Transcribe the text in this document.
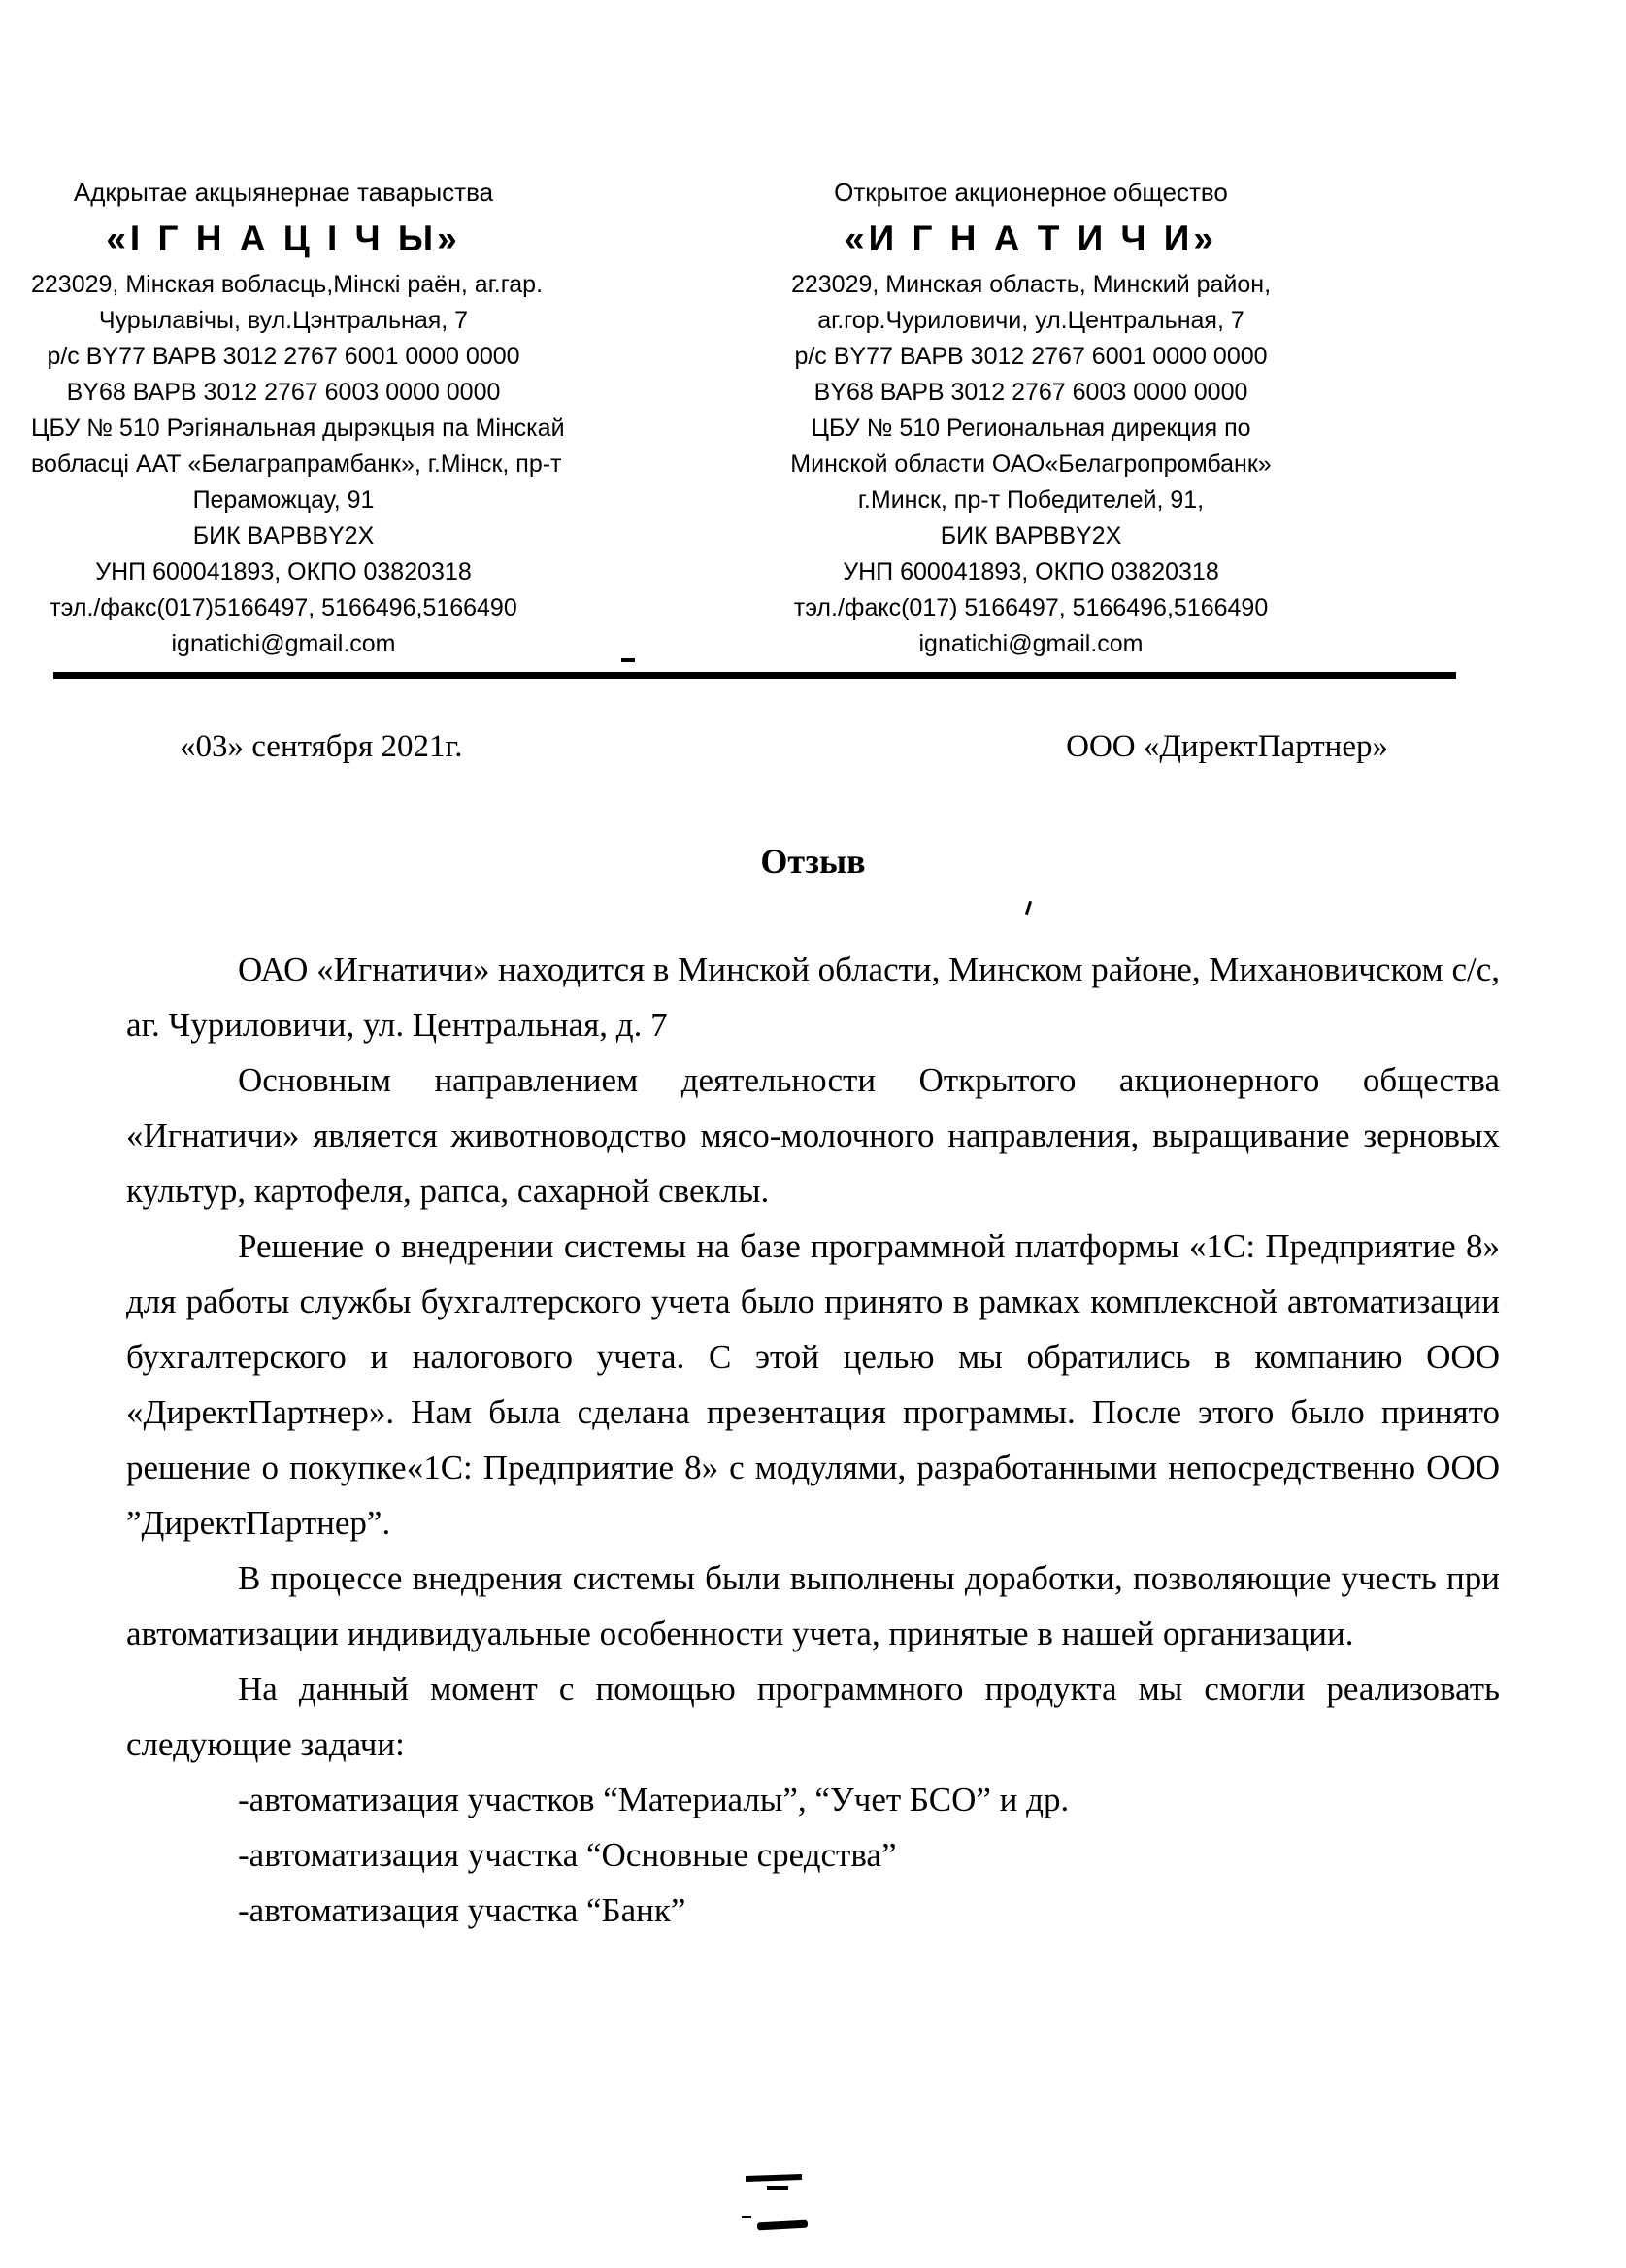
Адкрытае акцыянернае таварыства
«І Г Н А Ц І Ч Ы»
223029, Мінская вобласць,Мінскі раён, аг.гар.
Чурылавічы, вул.Цэнтральная, 7
р/с BY77 ВАРВ 3012 2767 6001 0000 0000
BY68 ВАРВ 3012 2767 6003 0000 0000
ЦБУ № 510 Рэгіянальная дырэкцыя па Мінскай
вобласці ААТ «Белаграпрамбанк», г.Мінск, пр-т
Пераможцау, 91
БИК BAPBBY2X
УНП 600041893, ОКПО 03820318
тэл./факс(017)5166497, 5166496,5166490
ignatichi@gmail.com
Открытое акционерное общество
«И Г Н А Т И Ч И»
223029, Минская область, Минский район,
аг.гор.Чуриловичи, ул.Центральная, 7
р/с BY77 ВАРВ 3012 2767 6001 0000 0000
BY68 ВАРВ 3012 2767 6003 0000 0000
ЦБУ № 510 Региональная дирекция по
Минской области ОАО«Белагропромбанк»
г.Минск, пр-т Победителей, 91,
БИК BAPBBY2X
УНП 600041893, ОКПО 03820318
тэл./факс(017) 5166497, 5166496,5166490
ignatichi@gmail.com
«03» сентября 2021г.	ООО «ДиректПартнер»
Отзыв

ОАО «Игнатичи» находится в Минской области, Минском районе, Михановичском с/с, аг. Чуриловичи, ул. Центральная, д. 7

Основным направлением деятельности Открытого акционерного общества «Игнатичи» является животноводство мясо-молочного направления, выращивание зерновых культур, картофеля, рапса, сахарной свеклы.

Решение о внедрении системы на базе программной платформы «1С: Предприятие 8» для работы службы бухгалтерского учета было принято в рамках комплексной автоматизации бухгалтерского и налогового учета. С этой целью мы обратились в компанию ООО «ДиректПартнер». Нам была сделана презентация программы. После этого было принято решение о покупке«1С: Предприятие 8» с модулями, разработанными непосредственно ООО ”ДиректПартнер”.

В процессе внедрения системы были выполнены доработки, позволяющие учесть при автоматизации индивидуальные особенности учета, принятые в нашей организации.

На данный момент с помощью программного продукта мы смогли реализовать следующие задачи:

-автоматизация участков “Материалы”, “Учет БСО” и др.

-автоматизация участка “Основные средства”

-автоматизация участка “Банк”
